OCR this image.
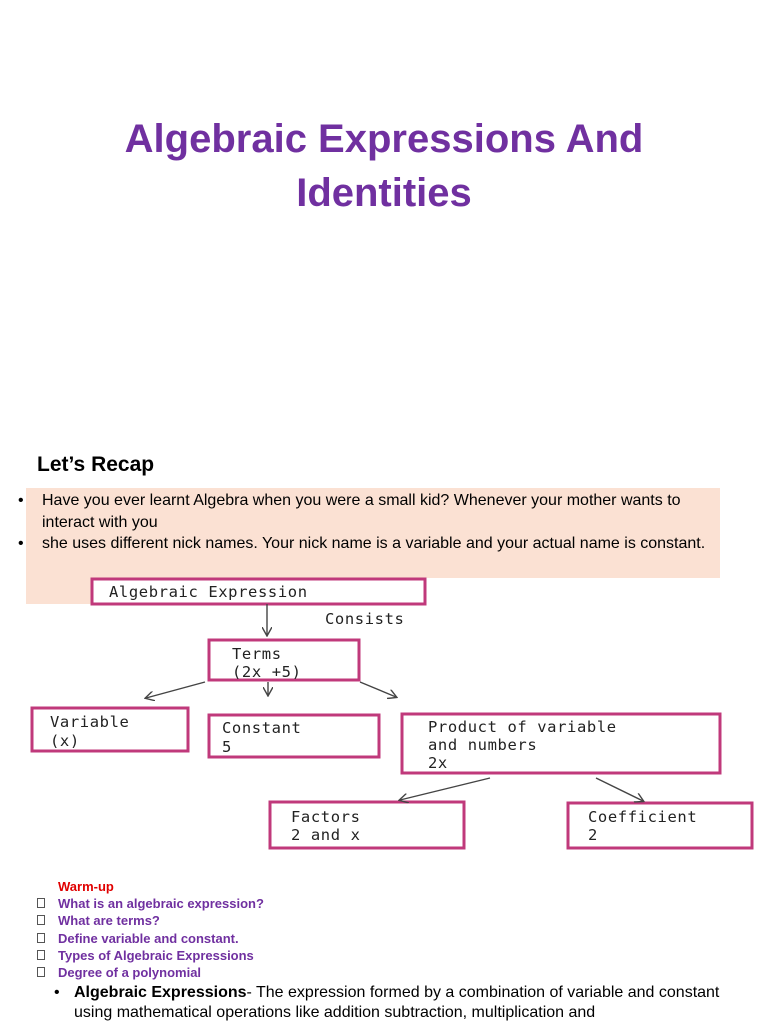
Algebraic Expressions And
Identities
Let’s Recap
• Have you ever learnt Algebra when you were a small kid? Whenever your mother wants to interact with you
• she uses different nick names. Your nick name is a variable and your actual name is constant.
Algebraic Expression
Consists
Terms
(2x +5)
Variable
(x)
Constant
5
Product of variable
and numbers
2x
Factors
2 and x
Coefficient
2
Warm-up
What is an algebraic expression?
What are terms?
Define variable and constant.
Types of Algebraic Expressions
Degree of a polynomial
• Algebraic Expressions- The expression formed by a combination of variable and constant using mathematical operations like addition subtraction, multiplication and
